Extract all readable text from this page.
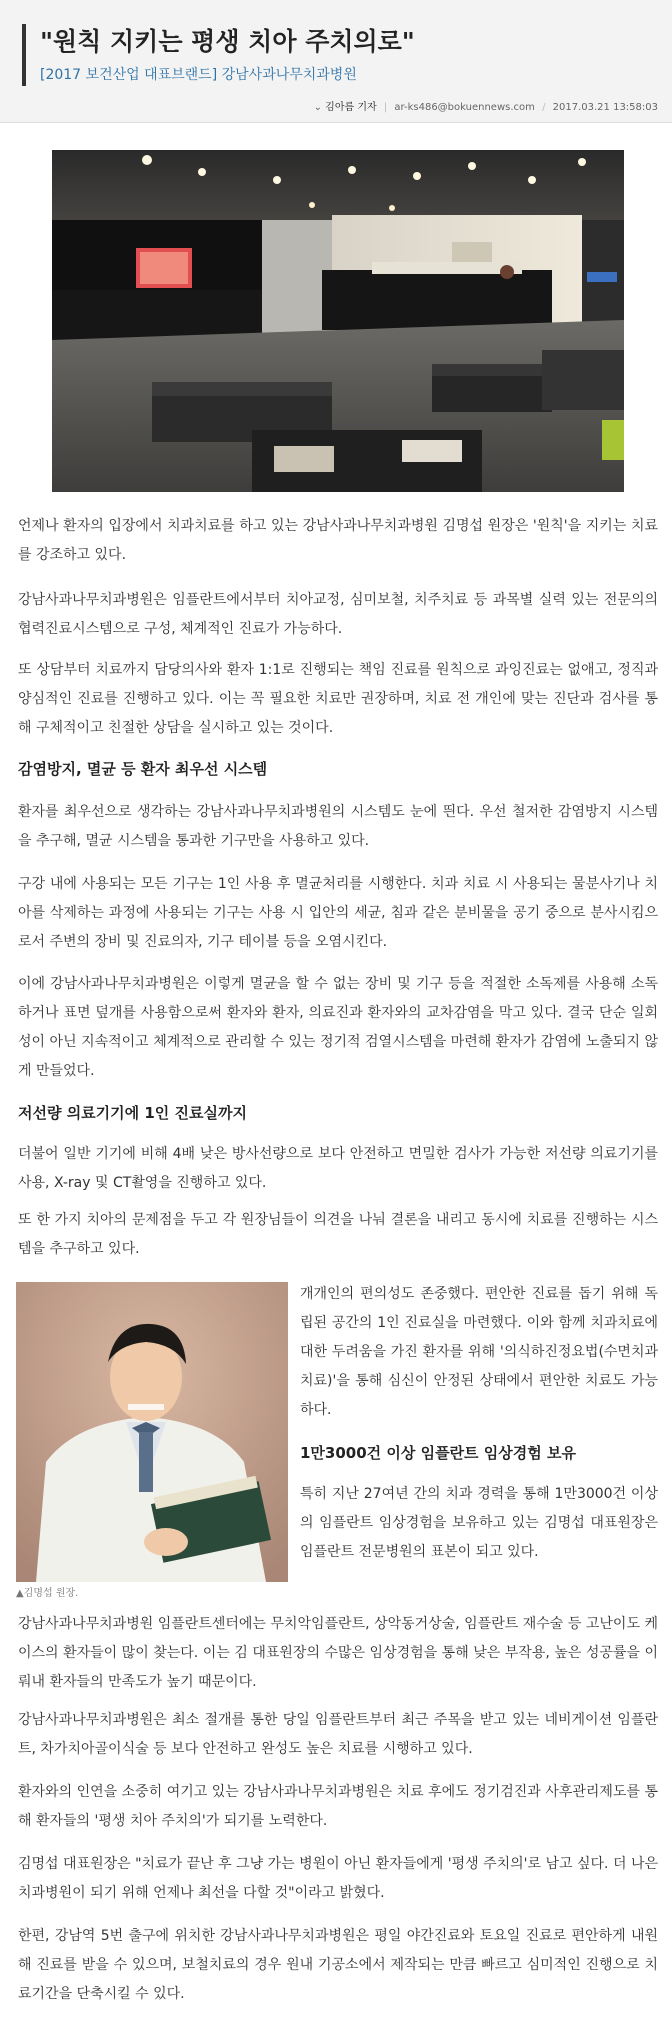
"원칙 지키는 평생 치아 주치의로"
[2017 보건산업 대표브랜드] 강남사과나무치과병원
⌄ 김아름 기자 | ar-ks486@bokuennews.com / 2017.03.21 13:58:03

언제나 환자의 입장에서 치과치료를 하고 있는 강남사과나무치과병원 김명섭 원장은 '원칙'을 지키는 치료를 강조하고 있다.

강남사과나무치과병원은 임플란트에서부터 치아교정, 심미보철, 치주치료 등 과목별 실력 있는 전문의의 협력진료시스템으로 구성, 체계적인 진료가 가능하다.

또 상담부터 치료까지 담당의사와 환자 1:1로 진행되는 책임 진료를 원칙으로 과잉진료는 없애고, 정직과 양심적인 진료를 진행하고 있다. 이는 꼭 필요한 치료만 권장하며, 치료 전 개인에 맞는 진단과 검사를 통해 구체적이고 친절한 상담을 실시하고 있는 것이다.

감염방지, 멸균 등 환자 최우선 시스템

환자를 최우선으로 생각하는 강남사과나무치과병원의 시스템도 눈에 띈다. 우선 철저한 감염방지 시스템을 추구해, 멸균 시스템을 통과한 기구만을 사용하고 있다.

구강 내에 사용되는 모든 기구는 1인 사용 후 멸균처리를 시행한다. 치과 치료 시 사용되는 물분사기나 치아를 삭제하는 과정에 사용되는 기구는 사용 시 입안의 세균, 침과 같은 분비물을 공기 중으로 분사시킴으로서 주변의 장비 및 진료의자, 기구 테이블 등을 오염시킨다.

이에 강남사과나무치과병원은 이렇게 멸균을 할 수 없는 장비 및 기구 등을 적절한 소독제를 사용해 소독하거나 표면 덮개를 사용함으로써 환자와 환자, 의료진과 환자와의 교차감염을 막고 있다. 결국 단순 일회성이 아닌 지속적이고 체계적으로 관리할 수 있는 정기적 검열시스템을 마련해 환자가 감염에 노출되지 않게 만들었다.

저선량 의료기기에 1인 진료실까지

더불어 일반 기기에 비해 4배 낮은 방사선량으로 보다 안전하고 면밀한 검사가 가능한 저선량 의료기기를 사용, X-ray 및 CT촬영을 진행하고 있다.

또 한 가지 치아의 문제점을 두고 각 원장님들이 의견을 나눠 결론을 내리고 동시에 치료를 진행하는 시스템을 추구하고 있다.

▲김명섭 원장.

개개인의 편의성도 존중했다. 편안한 진료를 돕기 위해 독립된 공간의 1인 진료실을 마련했다. 이와 함께 치과치료에 대한 두려움을 가진 환자를 위해 '의식하진정요법(수면치과치료)'을 통해 심신이 안정된 상태에서 편안한 치료도 가능하다.

1만3000건 이상 임플란트 임상경험 보유

특히 지난 27여년 간의 치과 경력을 통해 1만3000건 이상의 임플란트 임상경험을 보유하고 있는 김명섭 대표원장은 임플란트 전문병원의 표본이 되고 있다.

강남사과나무치과병원 임플란트센터에는 무치악임플란트, 상악동거상술, 임플란트 재수술 등 고난이도 케이스의 환자들이 많이 찾는다. 이는 김 대표원장의 수많은 임상경험을 통해 낮은 부작용, 높은 성공률을 이뤄내 환자들의 만족도가 높기 때문이다.

강남사과나무치과병원은 최소 절개를 통한 당일 임플란트부터 최근 주목을 받고 있는 네비게이션 임플란트, 차가치아골이식술 등 보다 안전하고 완성도 높은 치료를 시행하고 있다.

환자와의 인연을 소중히 여기고 있는 강남사과나무치과병원은 치료 후에도 정기검진과 사후관리제도를 통해 환자들의 '평생 치아 주치의'가 되기를 노력한다.

김명섭 대표원장은 "치료가 끝난 후 그냥 가는 병원이 아닌 환자들에게 '평생 주치의'로 남고 싶다. 더 나은 치과병원이 되기 위해 언제나 최선을 다할 것"이라고 밝혔다.

한편, 강남역 5번 출구에 위치한 강남사과나무치과병원은 평일 야간진료와 토요일 진료로 편안하게 내원해 진료를 받을 수 있으며, 보철치료의 경우 원내 기공소에서 제작되는 만큼 빠르고 심미적인 진행으로 치료기간을 단축시킬 수 있다.
